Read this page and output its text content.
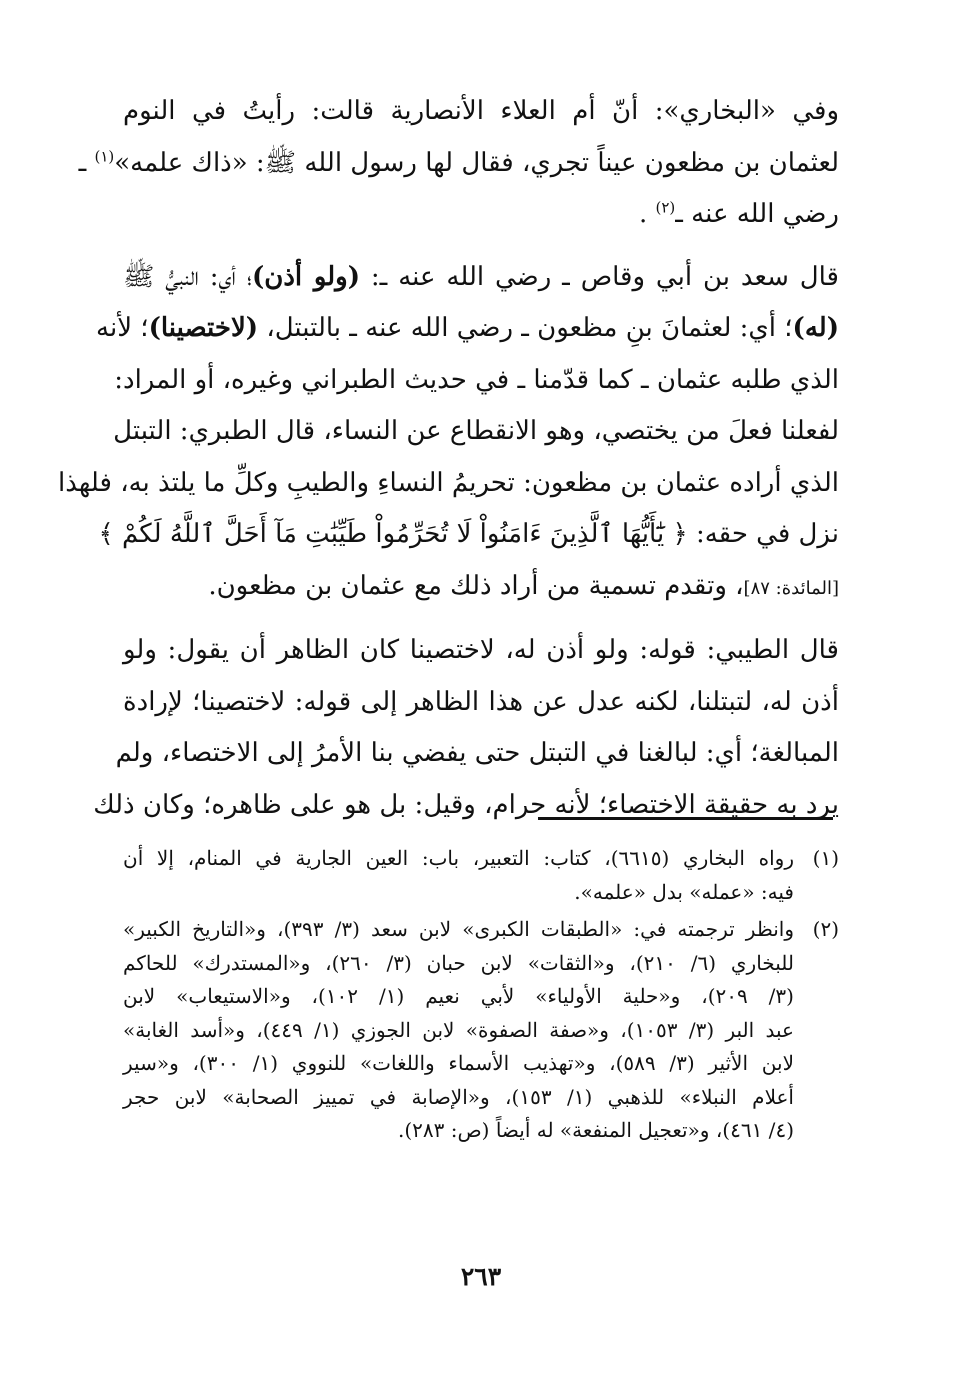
وفي «البخاري»: أنّ أم العلاء الأنصارية قالت: رأيتُ في النوم
لعثمان بن مظعون عيناً تجري، فقال لها رسول الله ﷺ: «ذاك علمه»$^{(١)}$ ـ
رضي الله عنه ـ$^{(٢)}$ .
قال سعد بن أبي وقاص ـ رضي الله عنه ـ: (ولو أذن)؛ أي: النبيُّ ﷺ
(له)؛ أي: لعثمانَ بنِ مظعون ـ رضي الله عنه ـ بالتبتل، (لاختصينا)؛ لأنه
الذي طلبه عثمان ـ كما قدّمنا ـ في حديث الطبراني وغيره، أو المراد:
لفعلنا فعلَ من يختصي، وهو الانقطاع عن النساء، قال الطبري: التبتل
الذي أراده عثمان بن مظعون: تحريمُ النساءِ والطيبِ وكلِّ ما يلتذ به، فلهذا
نزل في حقه: ﴿ يَٰٓأَيُّهَا ٱلَّذِينَ ءَامَنُواْ لَا تُحَرِّمُواْ طَيِّبَٰتِ مَآ أَحَلَّ ٱللَّهُ لَكُمْ ﴾
[المائدة: ٨٧]، وتقدم تسمية من أراد ذلك مع عثمان بن مظعون.
قال الطيبي: قوله: ولو أذن له، لاختصينا كان الظاهر أن يقول: ولو
أذن له، لتبتلنا، لكنه عدل عن هذا الظاهر إلى قوله: لاختصينا؛ لإرادة
المبالغة؛ أي: لبالغنا في التبتل حتى يفضي بنا الأمرُ إلى الاختصاء، ولم
يرد به حقيقة الاختصاء؛ لأنه حرام، وقيل: بل هو على ظاهره؛ وكان ذلك
(١)
رواه البخاري (٦٦١٥)، كتاب: التعبير، باب: العين الجارية في المنام، إلا أن
فيه: «عمله» بدل «علمه».
(٢)
وانظر ترجمته في: «الطبقات الكبرى» لابن سعد (٣/ ٣٩٣)، و«التاريخ الكبير»
للبخاري (٦/ ٢١٠)، و«الثقات» لابن حبان (٣/ ٢٦٠)، و«المستدرك» للحاكم
(٣/ ٢٠٩)، و«حلية الأولياء» لأبي نعيم (١/ ١٠٢)، و«الاستيعاب» لابن
عبد البر (٣/ ١٠٥٣)، و«صفة الصفوة» لابن الجوزي (١/ ٤٤٩)، و«أسد الغابة»
لابن الأثير (٣/ ٥٨٩)، و«تهذيب الأسماء واللغات» للنووي (١/ ٣٠٠)، و«سير
أعلام النبلاء» للذهبي (١/ ١٥٣)، و«الإصابة في تمييز الصحابة» لابن حجر
(٤/ ٤٦١)، و«تعجيل المنفعة» له أيضاً (ص: ٢٨٣).
٢٦٣
